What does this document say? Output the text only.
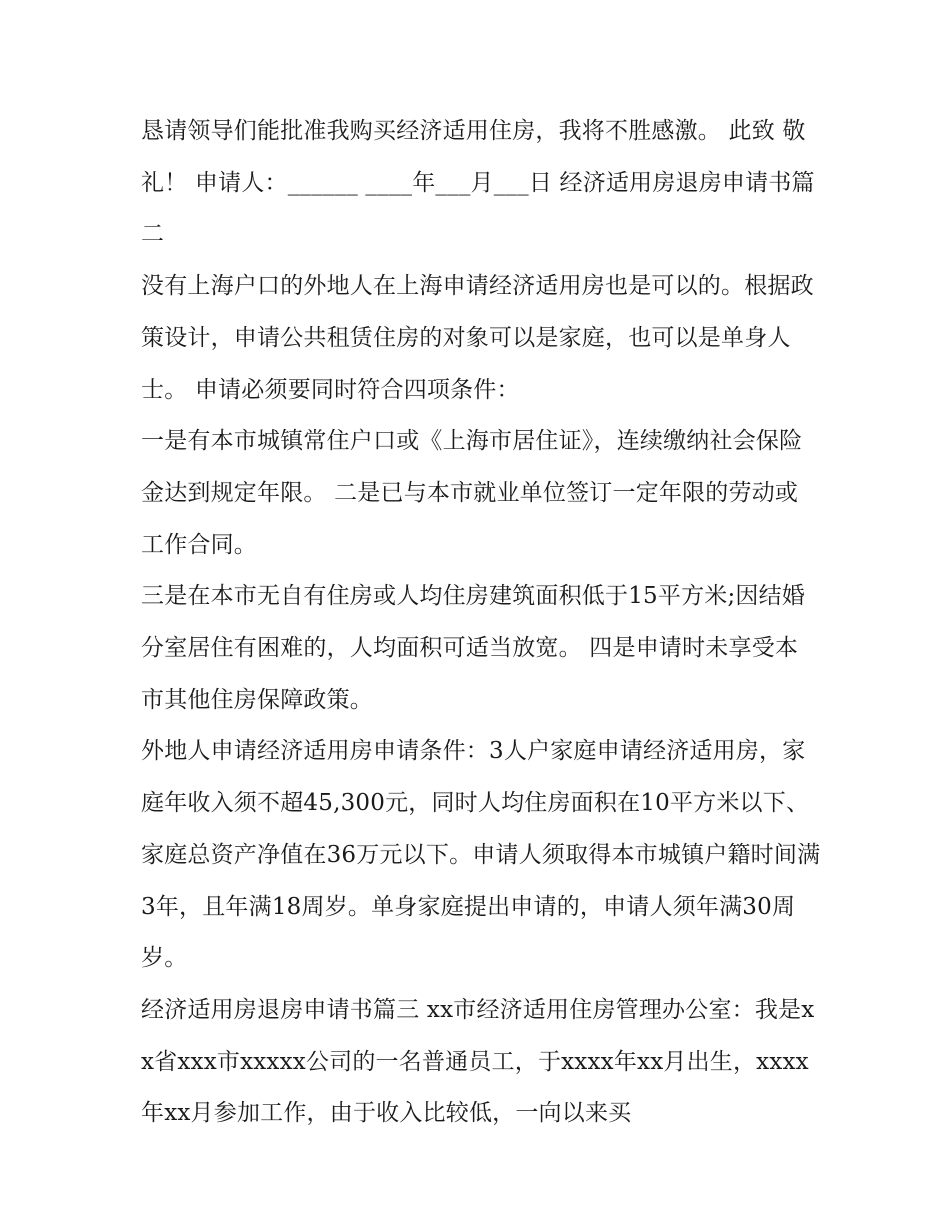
恳请领导们能批准我购买经济适用住房，我将不胜感激。 此致 敬礼！ 申请人：______ ____年___月___日 经济适用房退房申请书篇二

没有上海户口的外地人在上海申请经济适用房也是可以的。根据政策设计，申请公共租赁住房的对象可以是家庭，也可以是单身人士。 申请必须要同时符合四项条件：

一是有本市城镇常住户口或《上海市居住证》，连续缴纳社会保险金达到规定年限。 二是已与本市就业单位签订一定年限的劳动或工作合同。

三是在本市无自有住房或人均住房建筑面积低于15平方米;因结婚分室居住有困难的，人均面积可适当放宽。 四是申请时未享受本市其他住房保障政策。

外地人申请经济适用房申请条件：3人户家庭申请经济适用房，家庭年收入须不超45,300元，同时人均住房面积在10平方米以下、家庭总资产净值在36万元以下。申请人须取得本市城镇户籍时间满3年，且年满18周岁。单身家庭提出申请的，申请人须年满30周岁。

经济适用房退房申请书篇三 xx市经济适用住房管理办公室：我是xx省xxx市xxxxx公司的一名普通员工，于xxxx年xx月出生，xxxx年xx月参加工作，由于收入比较低，一向以来买
